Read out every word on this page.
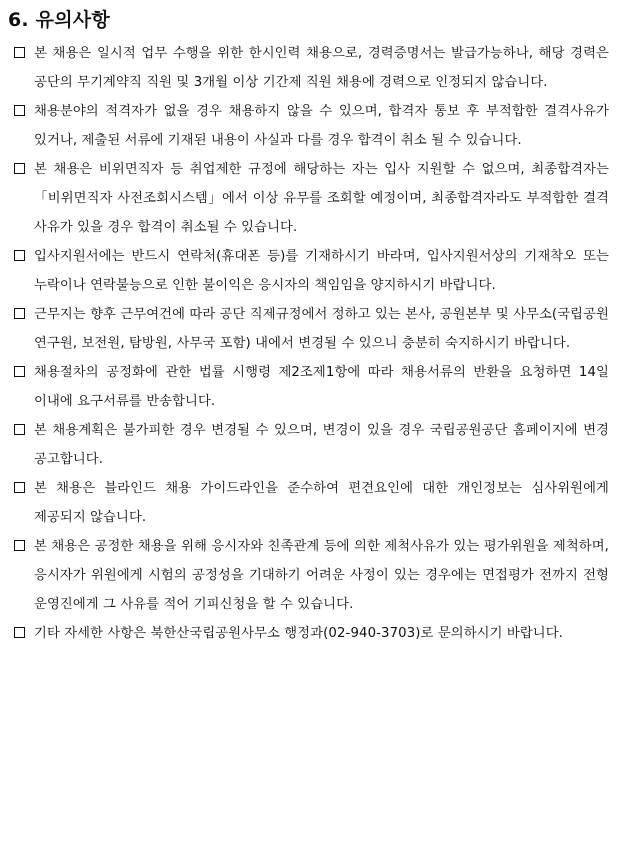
6. 유의사항
본 채용은 일시적 업무 수행을 위한 한시인력 채용으로, 경력증명서는 발급가능하나, 해당 경력은 공단의 무기계약직 직원 및 3개월 이상 기간제 직원 채용에 경력으로 인정되지 않습니다.
채용분야의 적격자가 없을 경우 채용하지 않을 수 있으며, 합격자 통보 후 부적합한 결격사유가 있거나, 제출된 서류에 기재된 내용이 사실과 다를 경우 합격이 취소 될 수 있습니다.
본 채용은 비위면직자 등 취업제한 규정에 해당하는 자는 입사 지원할 수 없으며, 최종합격자는 「비위면직자 사전조회시스템」에서 이상 유무를 조회할 예정이며, 최종합격자라도 부적합한 결격 사유가 있을 경우 합격이 취소될 수 있습니다.
입사지원서에는 반드시 연락처(휴대폰 등)를 기재하시기 바라며, 입사지원서상의 기재착오 또는 누락이나 연락불능으로 인한 불이익은 응시자의 책임임을 양지하시기 바랍니다.
근무지는 향후 근무여건에 따라 공단 직제규정에서 정하고 있는 본사, 공원본부 및 사무소(국립공원 연구원, 보전원, 탐방원, 사무국 포함) 내에서 변경될 수 있으니 충분히 숙지하시기 바랍니다.
채용절차의 공정화에 관한 법률 시행령 제2조제1항에 따라 채용서류의 반환을 요청하면 14일 이내에 요구서류를 반송합니다.
본 채용계획은 불가피한 경우 변경될 수 있으며, 변경이 있을 경우 국립공원공단 홈페이지에 변경 공고합니다.
본 채용은 블라인드 채용 가이드라인을 준수하여 편견요인에 대한 개인정보는 심사위원에게 제공되지 않습니다.
본 채용은 공정한 채용을 위해 응시자와 친족관계 등에 의한 제척사유가 있는 평가위원을 제척하며, 응시자가 위원에게 시험의 공정성을 기대하기 어려운 사정이 있는 경우에는 면접평가 전까지 전형 운영진에게 그 사유를 적어 기피신청을 할 수 있습니다.
기타 자세한 사항은 북한산국립공원사무소 행정과(02-940-3703)로 문의하시기 바랍니다.
